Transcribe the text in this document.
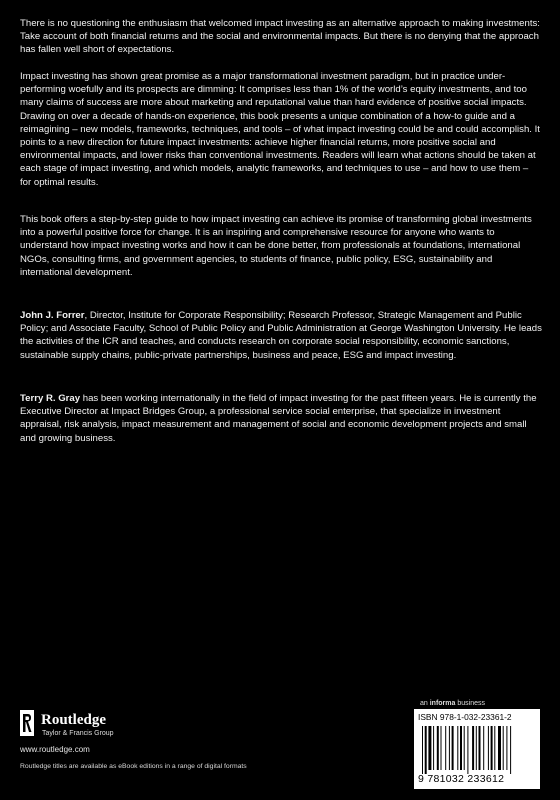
There is no questioning the enthusiasm that welcomed impact investing as an alternative approach to making investments: Take account of both financial returns and the social and environmental impacts. But there is no denying that the approach has fallen well short of expectations.

Impact investing has shown great promise as a major transformational investment paradigm, but in practice under-performing woefully and its prospects are dimming: It comprises less than 1% of the world’s equity investments, and too many claims of success are more about marketing and reputational value than hard evidence of positive social impacts. Drawing on over a decade of hands-on experience, this book presents a unique combination of a how-to guide and a reimagining – new models, frameworks, techniques, and tools – of what impact investing could be and could accomplish. It points to a new direction for future impact investments: achieve higher financial returns, more positive social and environmental impacts, and lower risks than conventional investments. Readers will learn what actions should be taken at each stage of impact investing, and which models, analytic frameworks, and techniques to use – and how to use them – for optimal results.

This book offers a step-by-step guide to how impact investing can achieve its promise of transforming global investments into a powerful positive force for change. It is an inspiring and comprehensive resource for anyone who wants to understand how impact investing works and how it can be done better, from professionals at foundations, international NGOs, consulting firms, and government agencies, to students of finance, public policy, ESG, sustainability and international development.

John J. Forrer, Director, Institute for Corporate Responsibility; Research Professor, Strategic Management and Public Policy; and Associate Faculty, School of Public Policy and Public Administration at George Washington University. He leads the activities of the ICR and teaches, and conducts research on corporate social responsibility, economic sanctions, sustainable supply chains, public-private partnerships, business and peace, ESG and impact investing.

Terry R. Gray has been working internationally in the field of impact investing for the past fifteen years. He is currently the Executive Director at Impact Bridges Group, a professional service social enterprise, that specialize in investment appraisal, risk analysis, impact measurement and management of social and economic development projects and small and growing business.

an informa business
Routledge
Taylor & Francis Group
www.routledge.com
Routledge titles are available as eBook editions in a range of digital formats
ISBN 978-1-032-23361-2
9 781032 233612
